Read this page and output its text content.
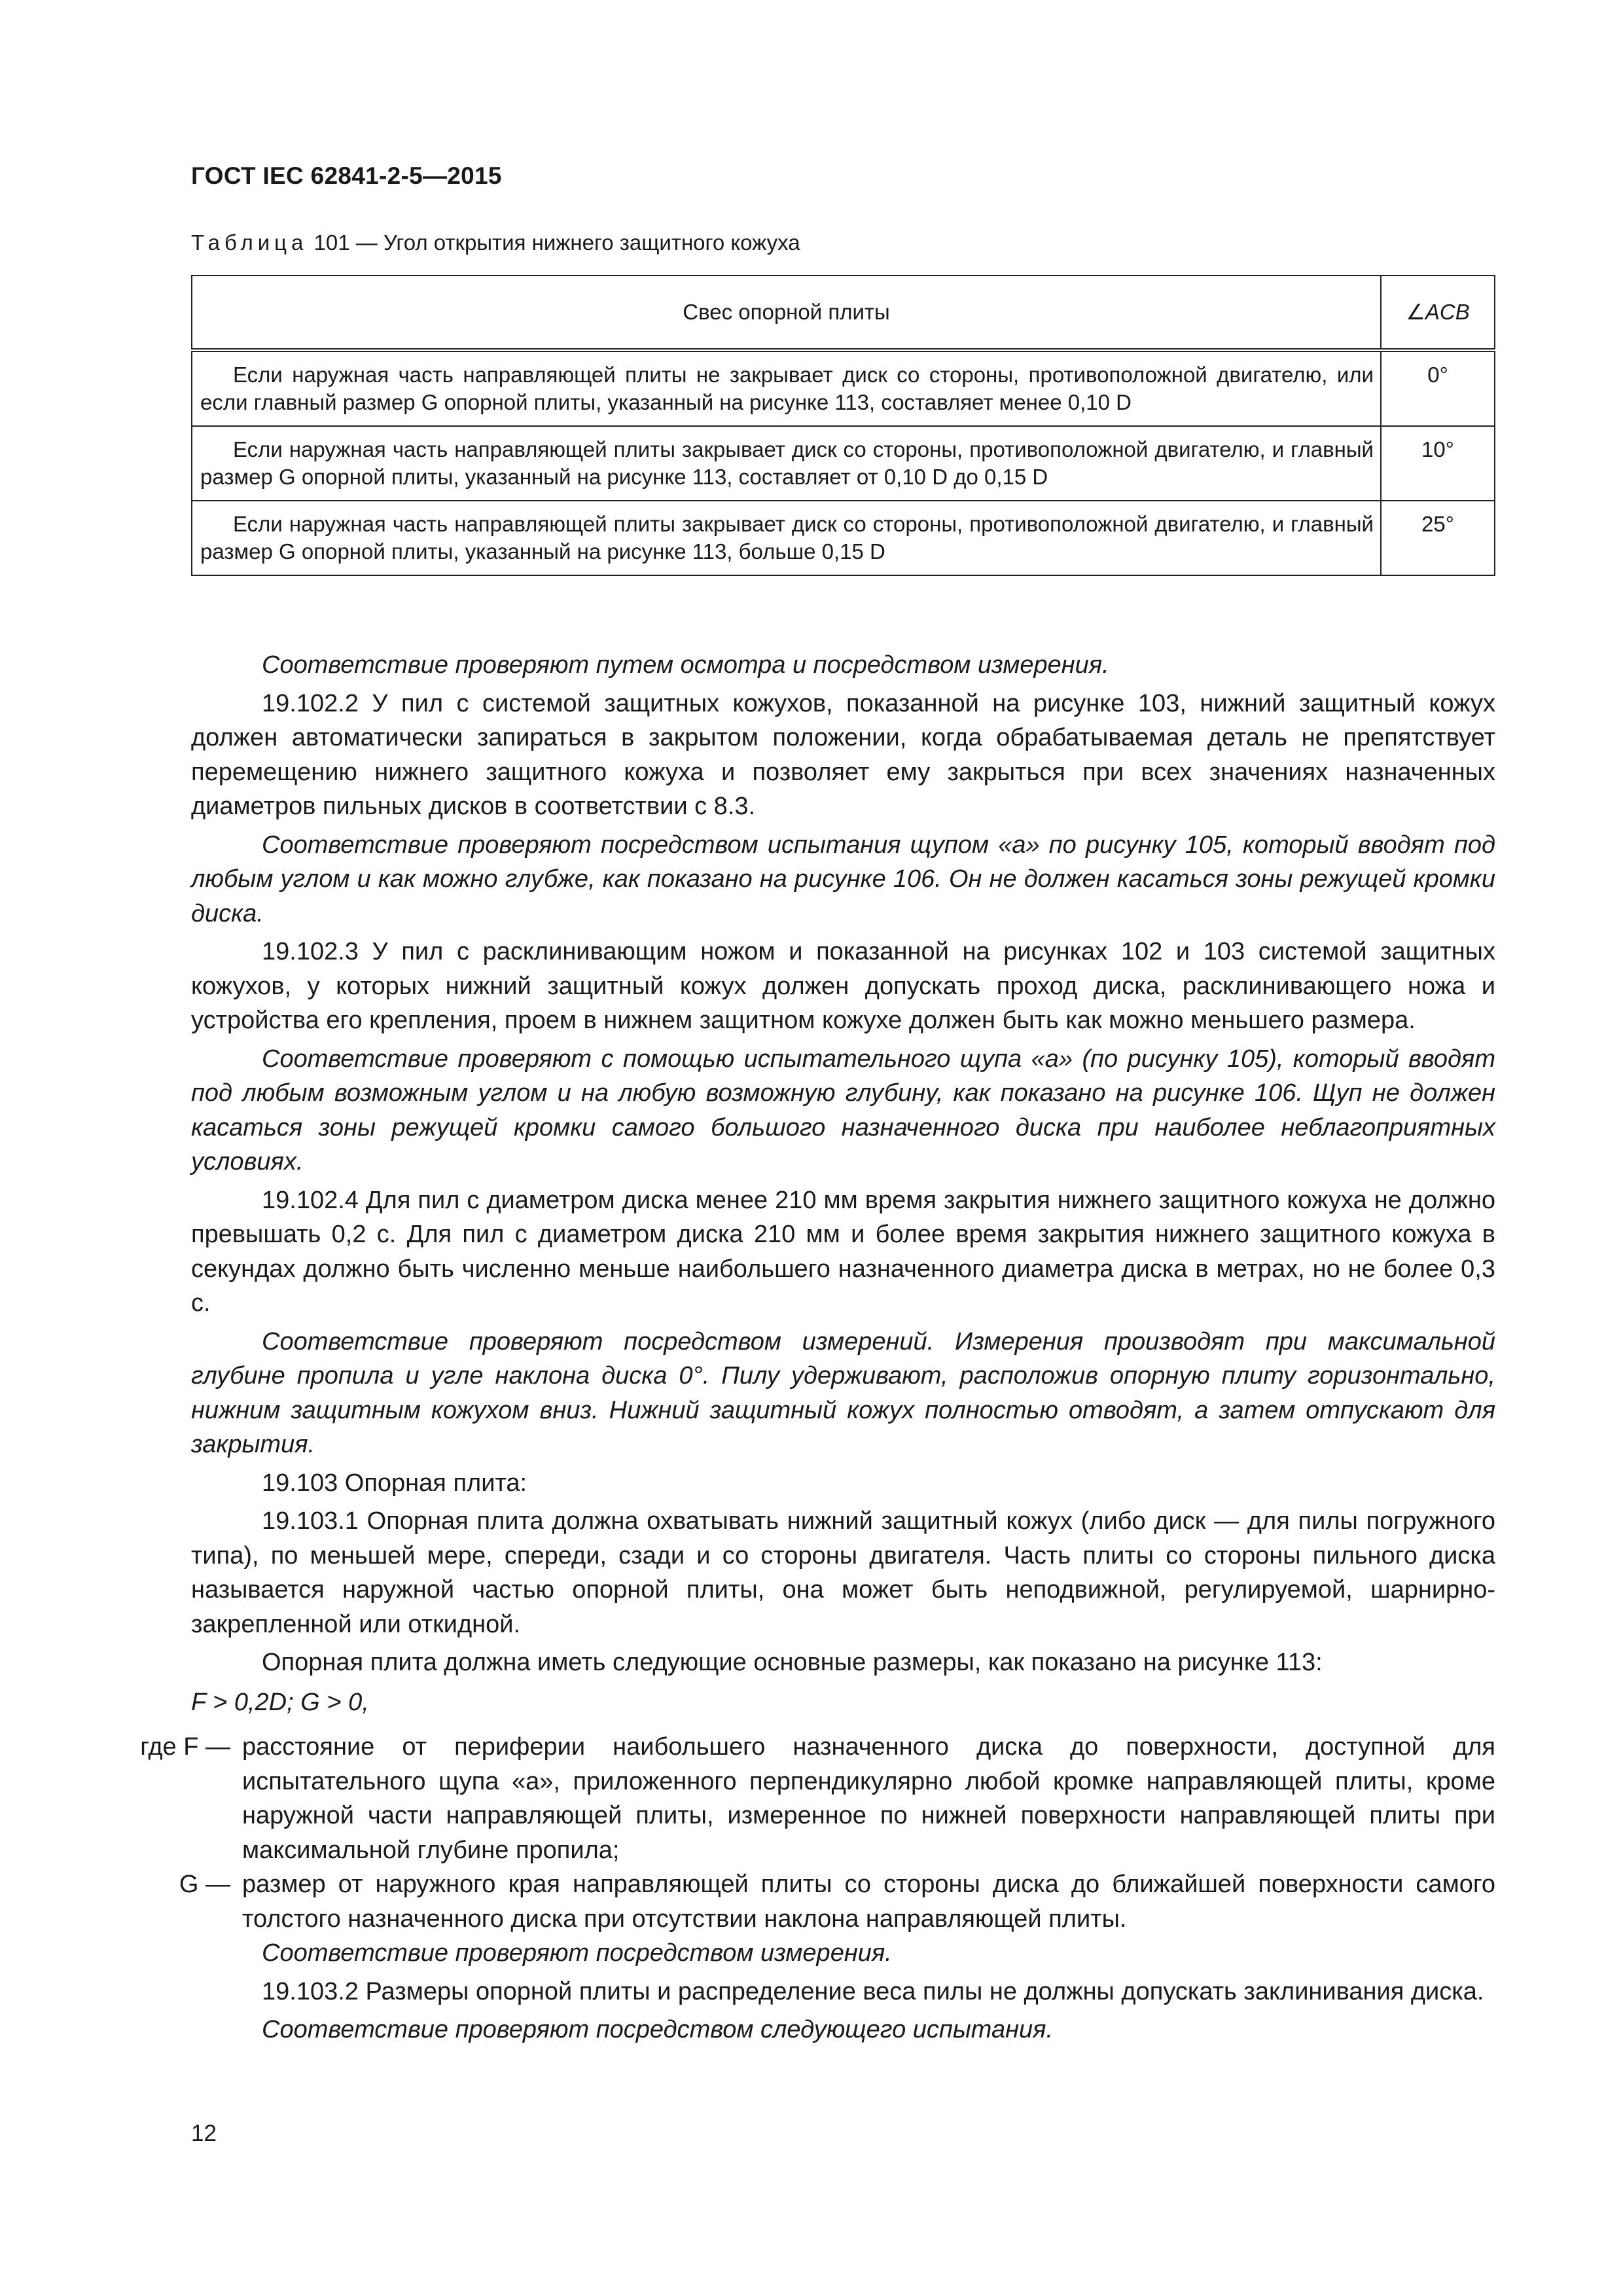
ГОСТ IEC 62841-2-5—2015
Таблица 101 — Угол открытия нижнего защитного кожуха
Свес опорной плиты	∠ACB
Если наружная часть направляющей плиты не закрывает диск со стороны, противоположной двигателю, или если главный размер G опорной плиты, указанный на рисунке 113, составляет менее 0,10 D	0°
Если наружная часть направляющей плиты закрывает диск со стороны, противоположной двигателю, и главный размер G опорной плиты, указанный на рисунке 113, составляет от 0,10 D до 0,15 D	10°
Если наружная часть направляющей плиты закрывает диск со стороны, противоположной двигателю, и главный размер G опорной плиты, указанный на рисунке 113, больше 0,15 D	25°

Соответствие проверяют путем осмотра и посредством измерения.

19.102.2 У пил с системой защитных кожухов, показанной на рисунке 103, нижний защитный кожух должен автоматически запираться в закрытом положении, когда обрабатываемая деталь не препятствует перемещению нижнего защитного кожуха и позволяет ему закрыться при всех значениях назначенных диаметров пильных дисков в соответствии с 8.3.

Соответствие проверяют посредством испытания щупом «а» по рисунку 105, который вводят под любым углом и как можно глубже, как показано на рисунке 106. Он не должен касаться зоны режущей кромки диска.

19.102.3 У пил с расклинивающим ножом и показанной на рисунках 102 и 103 системой защитных кожухов, у которых нижний защитный кожух должен допускать проход диска, расклинивающего ножа и устройства его крепления, проем в нижнем защитном кожухе должен быть как можно меньшего размера.

Соответствие проверяют с помощью испытательного щупа «а» (по рисунку 105), который вводят под любым возможным углом и на любую возможную глубину, как показано на рисунке 106. Щуп не должен касаться зоны режущей кромки самого большого назначенного диска при наиболее неблагоприятных условиях.

19.102.4 Для пил с диаметром диска менее 210 мм время закрытия нижнего защитного кожуха не должно превышать 0,2 с. Для пил с диаметром диска 210 мм и более время закрытия нижнего защитного кожуха в секундах должно быть численно меньше наибольшего назначенного диаметра диска в метрах, но не более 0,3 с.

Соответствие проверяют посредством измерений. Измерения производят при максимальной глубине пропила и угле наклона диска 0°. Пилу удерживают, расположив опорную плиту горизонтально, нижним защитным кожухом вниз. Нижний защитный кожух полностью отводят, а затем отпускают для закрытия.

19.103 Опорная плита:

19.103.1 Опорная плита должна охватывать нижний защитный кожух (либо диск — для пилы погружного типа), по меньшей мере, спереди, сзади и со стороны двигателя. Часть плиты со стороны пильного диска называется наружной частью опорной плиты, она может быть неподвижной, регулируемой, шарнирно-закрепленной или откидной.

Опорная плита должна иметь следующие основные размеры, как показано на рисунке 113:

F > 0,2D; G > 0,

где F — расстояние от периферии наибольшего назначенного диска до поверхности, доступной для испытательного щупа «а», приложенного перпендикулярно любой кромке направляющей плиты, кроме наружной части направляющей плиты, измеренное по нижней поверхности направляющей плиты при максимальной глубине пропила;
G — размер от наружного края направляющей плиты со стороны диска до ближайшей поверхности самого толстого назначенного диска при отсутствии наклона направляющей плиты.

Соответствие проверяют посредством измерения.

19.103.2 Размеры опорной плиты и распределение веса пилы не должны допускать заклинивания диска.

Соответствие проверяют посредством следующего испытания.

12
